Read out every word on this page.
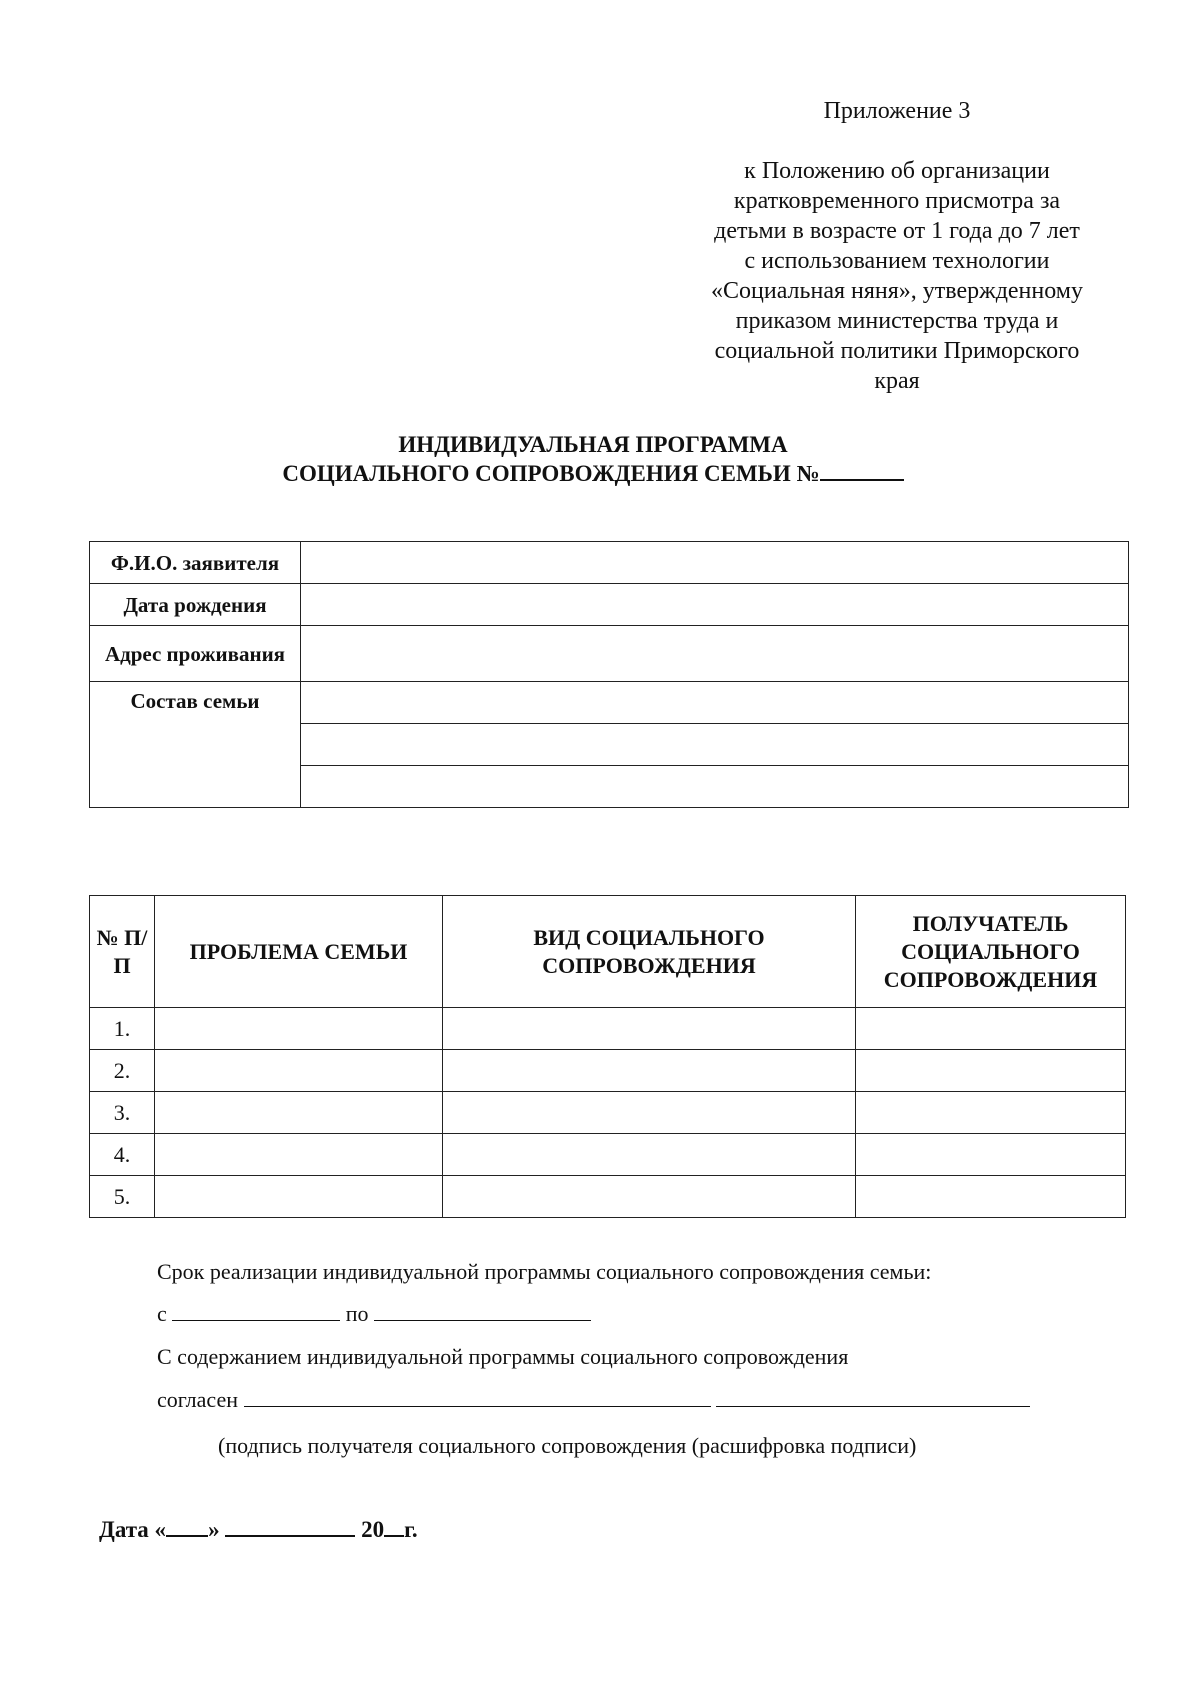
Приложение 3
к Положению об организации
кратковременного присмотра за
детьми в возрасте от 1 года до 7 лет
с использованием технологии
«Социальная няня», утвержденному
приказом министерства труда и
социальной политики Приморского
края
ИНДИВИДУАЛЬНАЯ ПРОГРАММА
СОЦИАЛЬНОГО СОПРОВОЖДЕНИЯ СЕМЬИ №
Ф.И.О. заявителя	
Дата рождения	
Адрес проживания	
Состав семьи	

№ П/ П	ПРОБЛЕМА СЕМЬИ	ВИД СОЦИАЛЬНОГО СОПРОВОЖДЕНИЯ	ПОЛУЧАТЕЛЬ СОЦИАЛЬНОГО СОПРОВОЖДЕНИЯ
1.			
2.			
3.			
4.			
5.			
Срок реализации индивидуальной программы социального сопровождения семьи:
с	по
С содержанием индивидуальной программы социального сопровождения
согласен
(подпись получателя социального сопровождения (расшифровка подписи)
Дата « »	20 г.
